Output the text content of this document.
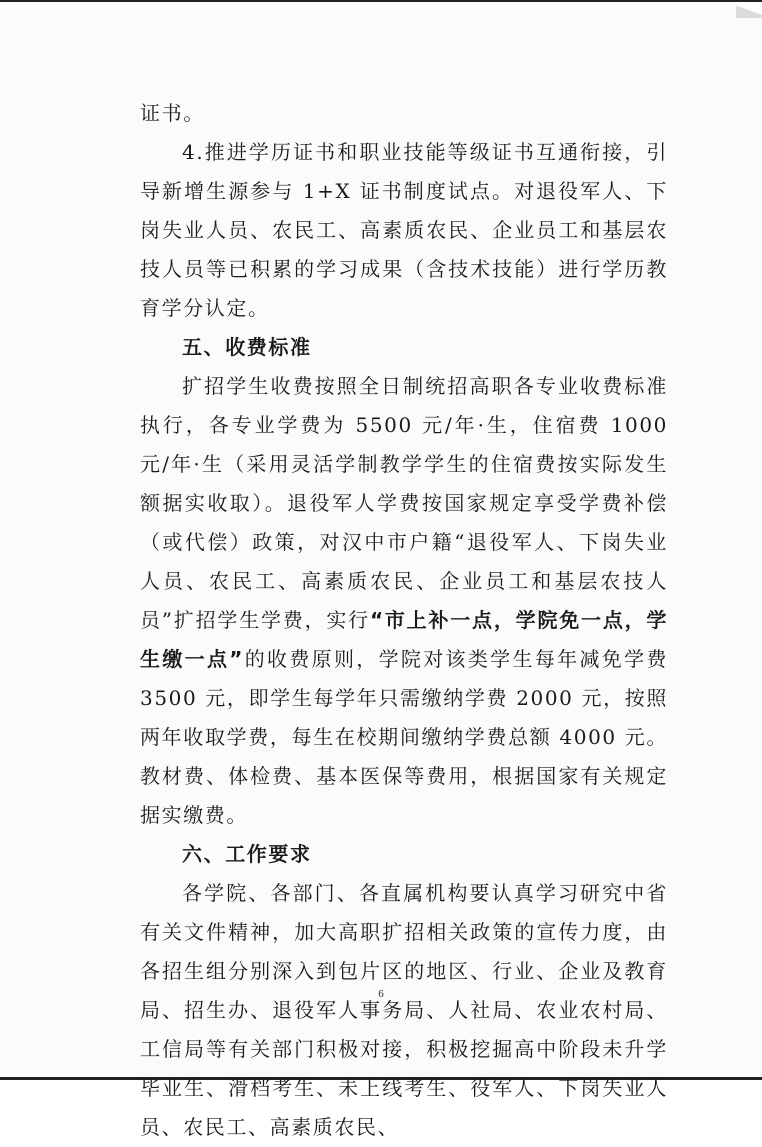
证书。

4.推进学历证书和职业技能等级证书互通衔接，引导新增生源参与 1+X 证书制度试点。对退役军人、下岗失业人员、农民工、高素质农民、企业员工和基层农技人员等已积累的学习成果（含技术技能）进行学历教育学分认定。

五、收费标准

扩招学生收费按照全日制统招高职各专业收费标准执行，各专业学费为 5500 元/年·生，住宿费 1000 元/年·生（采用灵活学制教学学生的住宿费按实际发生额据实收取）。退役军人学费按国家规定享受学费补偿（或代偿）政策，对汉中市户籍“退役军人、下岗失业人员、农民工、高素质农民、企业员工和基层农技人员”扩招学生学费，实行“市上补一点，学院免一点，学生缴一点”的收费原则，学院对该类学生每年减免学费 3500 元，即学生每学年只需缴纳学费 2000 元，按照两年收取学费，每生在校期间缴纳学费总额 4000 元。教材费、体检费、基本医保等费用，根据国家有关规定据实缴费。

六、工作要求

各学院、各部门、各直属机构要认真学习研究中省有关文件精神，加大高职扩招相关政策的宣传力度，由各招生组分别深入到包片区的地区、行业、企业及教育局、招生办、退役军人事务局、人社局、农业农村局、工信局等有关部门积极对接，积极挖掘高中阶段未升学毕业生、滑档考生、未上线考生、役军人、下岗失业人员、农民工、高素质农民、

6
